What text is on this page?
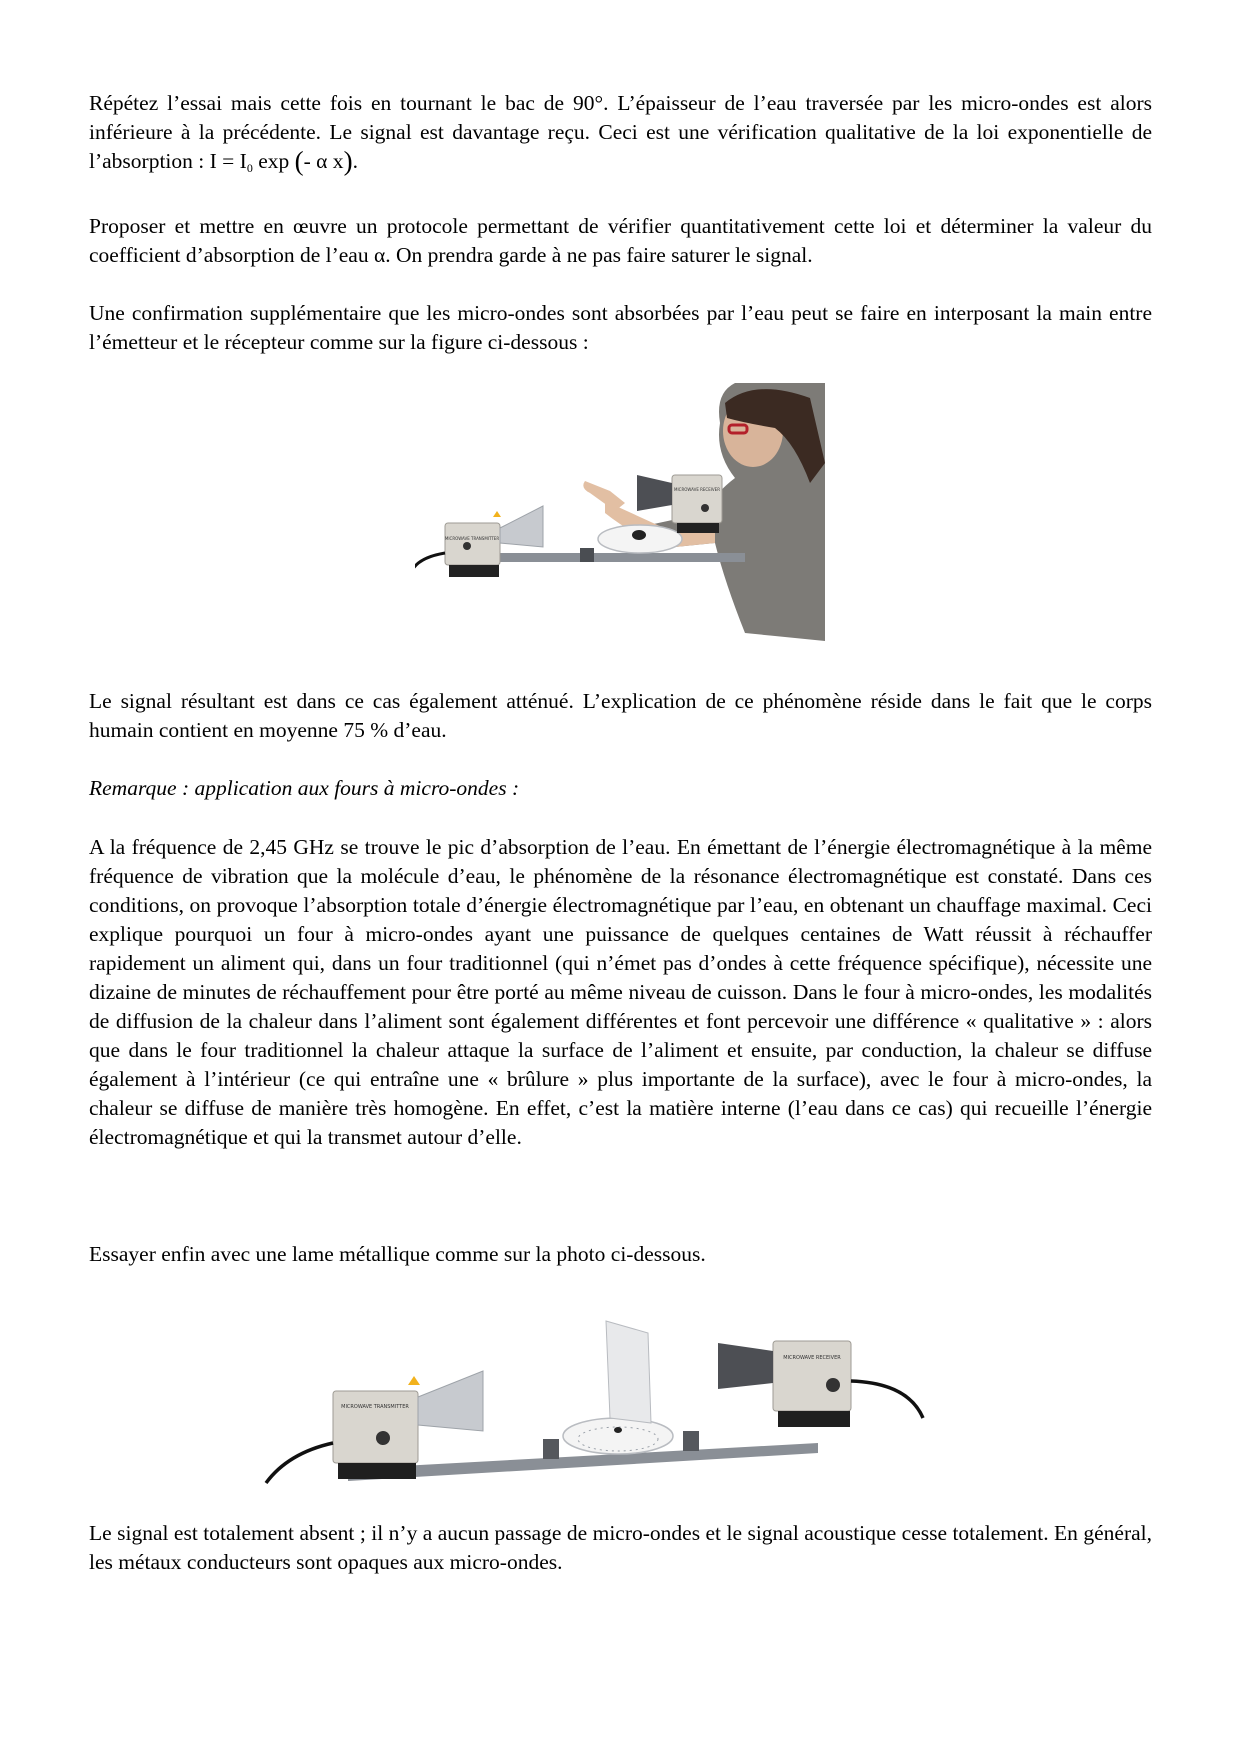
Répétez l’essai mais cette fois en tournant le bac de 90°. L’épaisseur de l’eau traversée par les micro-ondes est alors inférieure à la précédente. Le signal est davantage reçu. Ceci est une vérification qualitative de la loi exponentielle de l’absorption : $I = I_0$ exp (- α x).

Proposer et mettre en œuvre un protocole permettant de vérifier quantitativement cette loi et déterminer la valeur du coefficient d’absorption de l’eau α. On prendra garde à ne pas faire saturer le signal.

Une confirmation supplémentaire que les micro-ondes sont absorbées par l’eau peut se faire en interposant la main entre l’émetteur et le récepteur comme sur la figure ci-dessous :

MICROWAVE TRANSMITTER
MICROWAVE RECEIVER

Le signal résultant est dans ce cas également atténué. L’explication de ce phénomène réside dans le fait que le corps humain contient en moyenne 75 % d’eau.

Remarque : application aux fours à micro-ondes :

A la fréquence de 2,45 GHz se trouve le pic d’absorption de l’eau. En émettant de l’énergie électromagnétique à la même fréquence de vibration que la molécule d’eau, le phénomène de la résonance électromagnétique est constaté. Dans ces conditions, on provoque l’absorption totale d’énergie électromagnétique par l’eau, en obtenant un chauffage maximal. Ceci explique pourquoi un four à micro-ondes ayant une puissance de quelques centaines de Watt réussit à réchauffer rapidement un aliment qui, dans un four traditionnel (qui n’émet pas d’ondes à cette fréquence spécifique), nécessite une dizaine de minutes de réchauffement pour être porté au même niveau de cuisson. Dans le four à micro-ondes, les modalités de diffusion de la chaleur dans l’aliment sont également différentes et font percevoir une différence « qualitative » : alors que dans le four traditionnel la chaleur attaque la surface de l’aliment et ensuite, par conduction, la chaleur se diffuse également à l’intérieur (ce qui entraîne une « brûlure » plus importante de la surface), avec le four à micro-ondes, la chaleur se diffuse de manière très homogène. En effet, c’est la matière interne (l’eau dans ce cas) qui recueille l’énergie électromagnétique et qui la transmet autour d’elle.

Essayer enfin avec une lame métallique comme sur la photo ci-dessous.

MICROWAVE TRANSMITTER
MICROWAVE RECEIVER

Le signal est totalement absent ; il n’y a aucun passage de micro-ondes et le signal acoustique cesse totalement. En général, les métaux conducteurs sont opaques aux micro-ondes.
